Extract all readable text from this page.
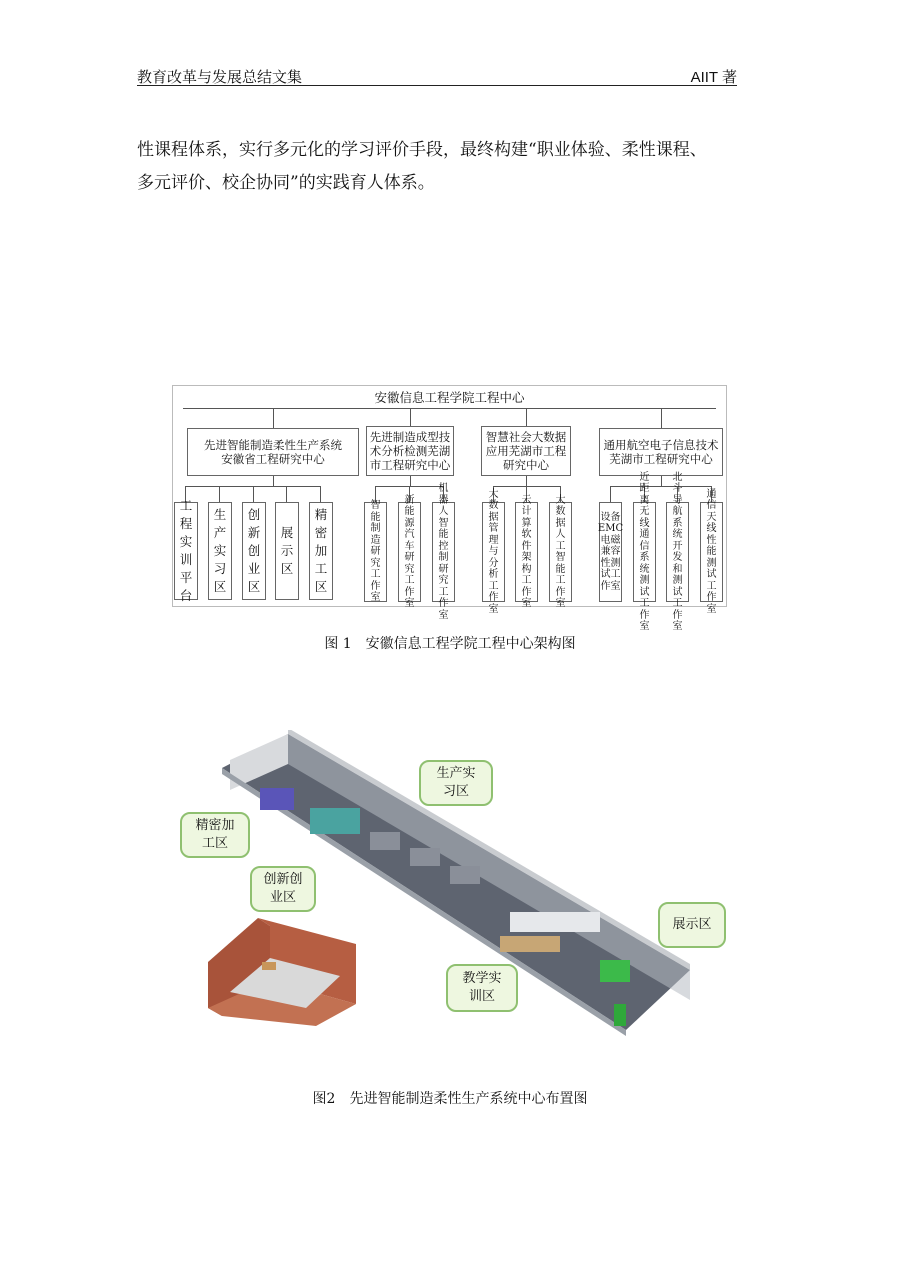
教育改革与发展总结文集	AIIT 著
性课程体系，实行多元化的学习评价手段，最终构建“职业体验、柔性课程、
多元评价、校企协同”的实践育人体系。
安徽信息工程学院工程中心
先进智能制造柔性生产系统
安徽省工程研究中心
先进制造成型技
术分析检测芜湖
市工程研究中心
智慧社会大数据
应用芜湖市工程
研究中心
通用航空电子信息技术
芜湖市工程研究中心
工
程
实
训
平
台
生
产
实
习
区
创
新
创
业
区
展
示
区
精
密
加
工
区
智能
制造
研究
工作
室
新能
源汽
车研
究工
作室
机器
人智
能控
制研
究工
作室
大数
据管
理与
分析
工作
室
云计
算软
件架
构工
作室
大数
据人
工智
能工
作室
设备
EMC
电磁
兼容
性测
试工
作室
近距
离无
线通
信系
统测
试工
作室
北斗
导航
系统
开发
和测
试工
作室
通信
天线
性能
测试
工作
室
图 1　安徽信息工程学院工程中心架构图
生产实
习区
精密加
工区
创新创
业区
展示区
教学实
训区
图2　先进智能制造柔性生产系统中心布置图
